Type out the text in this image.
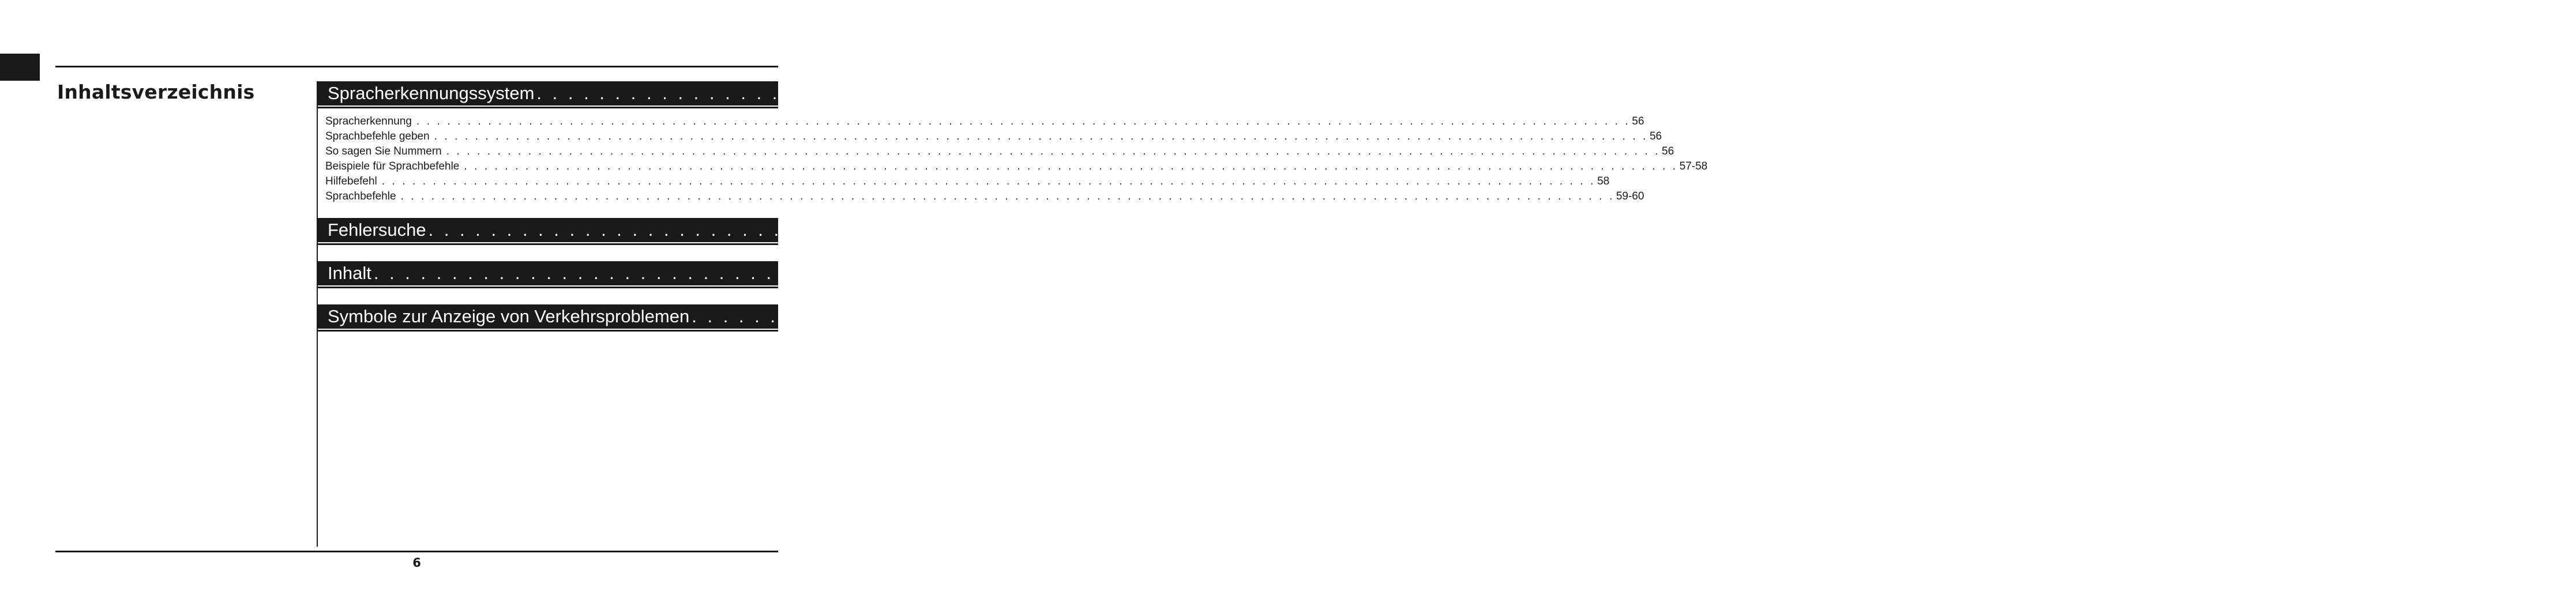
Inhaltsverzeichnis	Spracherkennungssystem . . . . . . . . . . . . . . . . . . . . . . . . . . . . . . . . . . . . . . . . . . . . . . . . . . . . . . . . . . . . . . . . . . . . . . . . . . . . . . . . . . . . . . . . . . . . . . . . . . . . . . . . . . . . . . . . . . . . . . . 56-60
Spracherkennung . . . . . . . . . . . . . . . . . . . . . . . . . . . . . . . . . . . . . . . . . . . . . . . . . . . . . . . . . . . . . . . . . . . . . . . . . . . . . . . . . . . . . . . . . . . . . . . . . . . . . . . . . . . . . . . . . . . . . . . 56
Sprachbefehle geben . . . . . . . . . . . . . . . . . . . . . . . . . . . . . . . . . . . . . . . . . . . . . . . . . . . . . . . . . . . . . . . . . . . . . . . . . . . . . . . . . . . . . . . . . . . . . . . . . . . . . . . . . . . . . . . . . . . . . . . 56
So sagen Sie Nummern . . . . . . . . . . . . . . . . . . . . . . . . . . . . . . . . . . . . . . . . . . . . . . . . . . . . . . . . . . . . . . . . . . . . . . . . . . . . . . . . . . . . . . . . . . . . . . . . . . . . . . . . . . . . . . . . . . . . . . . 56
Beispiele für Sprachbefehle . . . . . . . . . . . . . . . . . . . . . . . . . . . . . . . . . . . . . . . . . . . . . . . . . . . . . . . . . . . . . . . . . . . . . . . . . . . . . . . . . . . . . . . . . . . . . . . . . . . . . . . . . . . . . . . . . . . . . . . 57-58
Hilfebefehl . . . . . . . . . . . . . . . . . . . . . . . . . . . . . . . . . . . . . . . . . . . . . . . . . . . . . . . . . . . . . . . . . . . . . . . . . . . . . . . . . . . . . . . . . . . . . . . . . . . . . . . . . . . . . . . . . . . . . . . 58
Sprachbefehle . . . . . . . . . . . . . . . . . . . . . . . . . . . . . . . . . . . . . . . . . . . . . . . . . . . . . . . . . . . . . . . . . . . . . . . . . . . . . . . . . . . . . . . . . . . . . . . . . . . . . . . . . . . . . . . . . . . . . . . 59-60
Fehlersuche . . . . . . . . . . . . . . . . . . . . . . . . . . . . . . . . . . . . . . . . . . . . . . . . . . . . . . . . . . . . . . . . . . . . . . . . . . . . . . . . . . . . . . . . . . . . . . . . . . . . . . . . . . . . . . . . . . . . . . . 61-62
Inhalt . . . . . . . . . . . . . . . . . . . . . . . . . . . . . . . . . . . . . . . . . . . . . . . . . . . . . . . . . . . . . . . . . . . . . . . . . . . . . . . . . . . . . . . . . . . . . . . . . . . . . . . . . . . . . . . . . . . . . . . 63
Symbole zur Anzeige von Verkehrsproblemen . . . . . . . . . . . . . . . . . . . . . . . . . . . . . . . . . . . . . . . . . . . . . . . . . . . . . . . . . . . . . . . . . . . . . . . . . . . . . . . . . . . . . . . . . . . . . . . . . . . . . . . . . . . . . . . . . . . . . . . 64
6
